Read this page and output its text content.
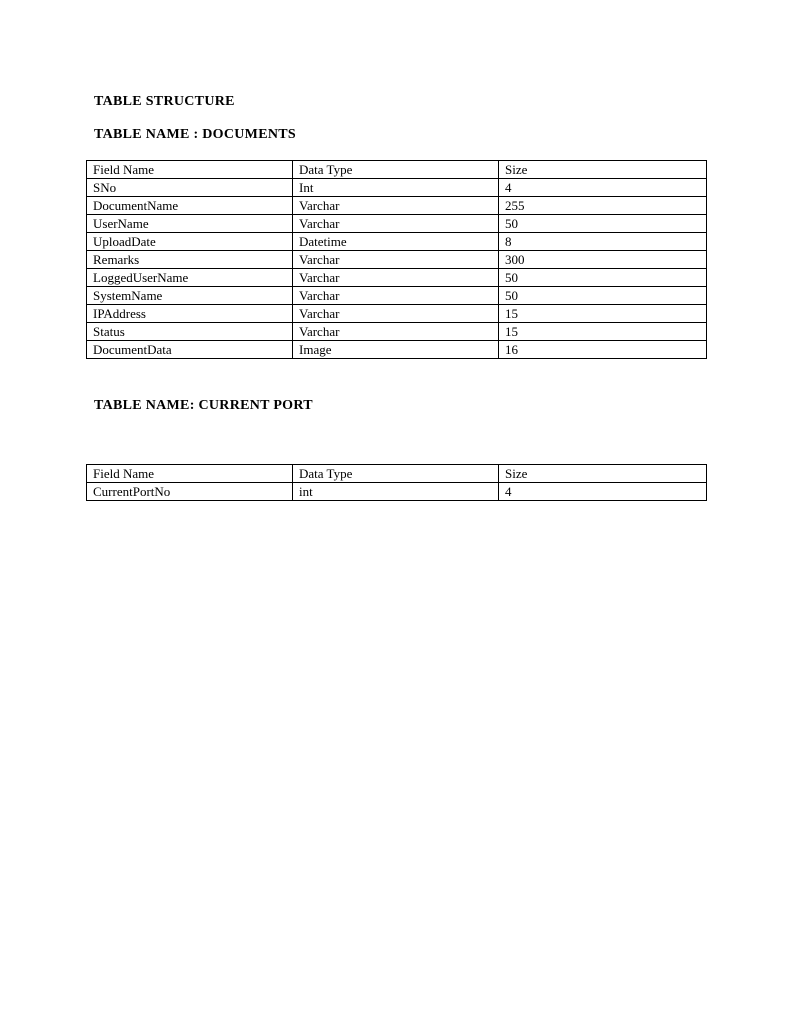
TABLE STRUCTURE
TABLE NAME : DOCUMENTS
Field Name	Data Type	Size
SNo	Int	4
DocumentName	Varchar	255
UserName	Varchar	50
UploadDate	Datetime	8
Remarks	Varchar	300
LoggedUserName	Varchar	50
SystemName	Varchar	50
IPAddress	Varchar	15
Status	Varchar	15
DocumentData	Image	16
TABLE NAME: CURRENT PORT
Field Name	Data Type	Size
CurrentPortNo	int	4
